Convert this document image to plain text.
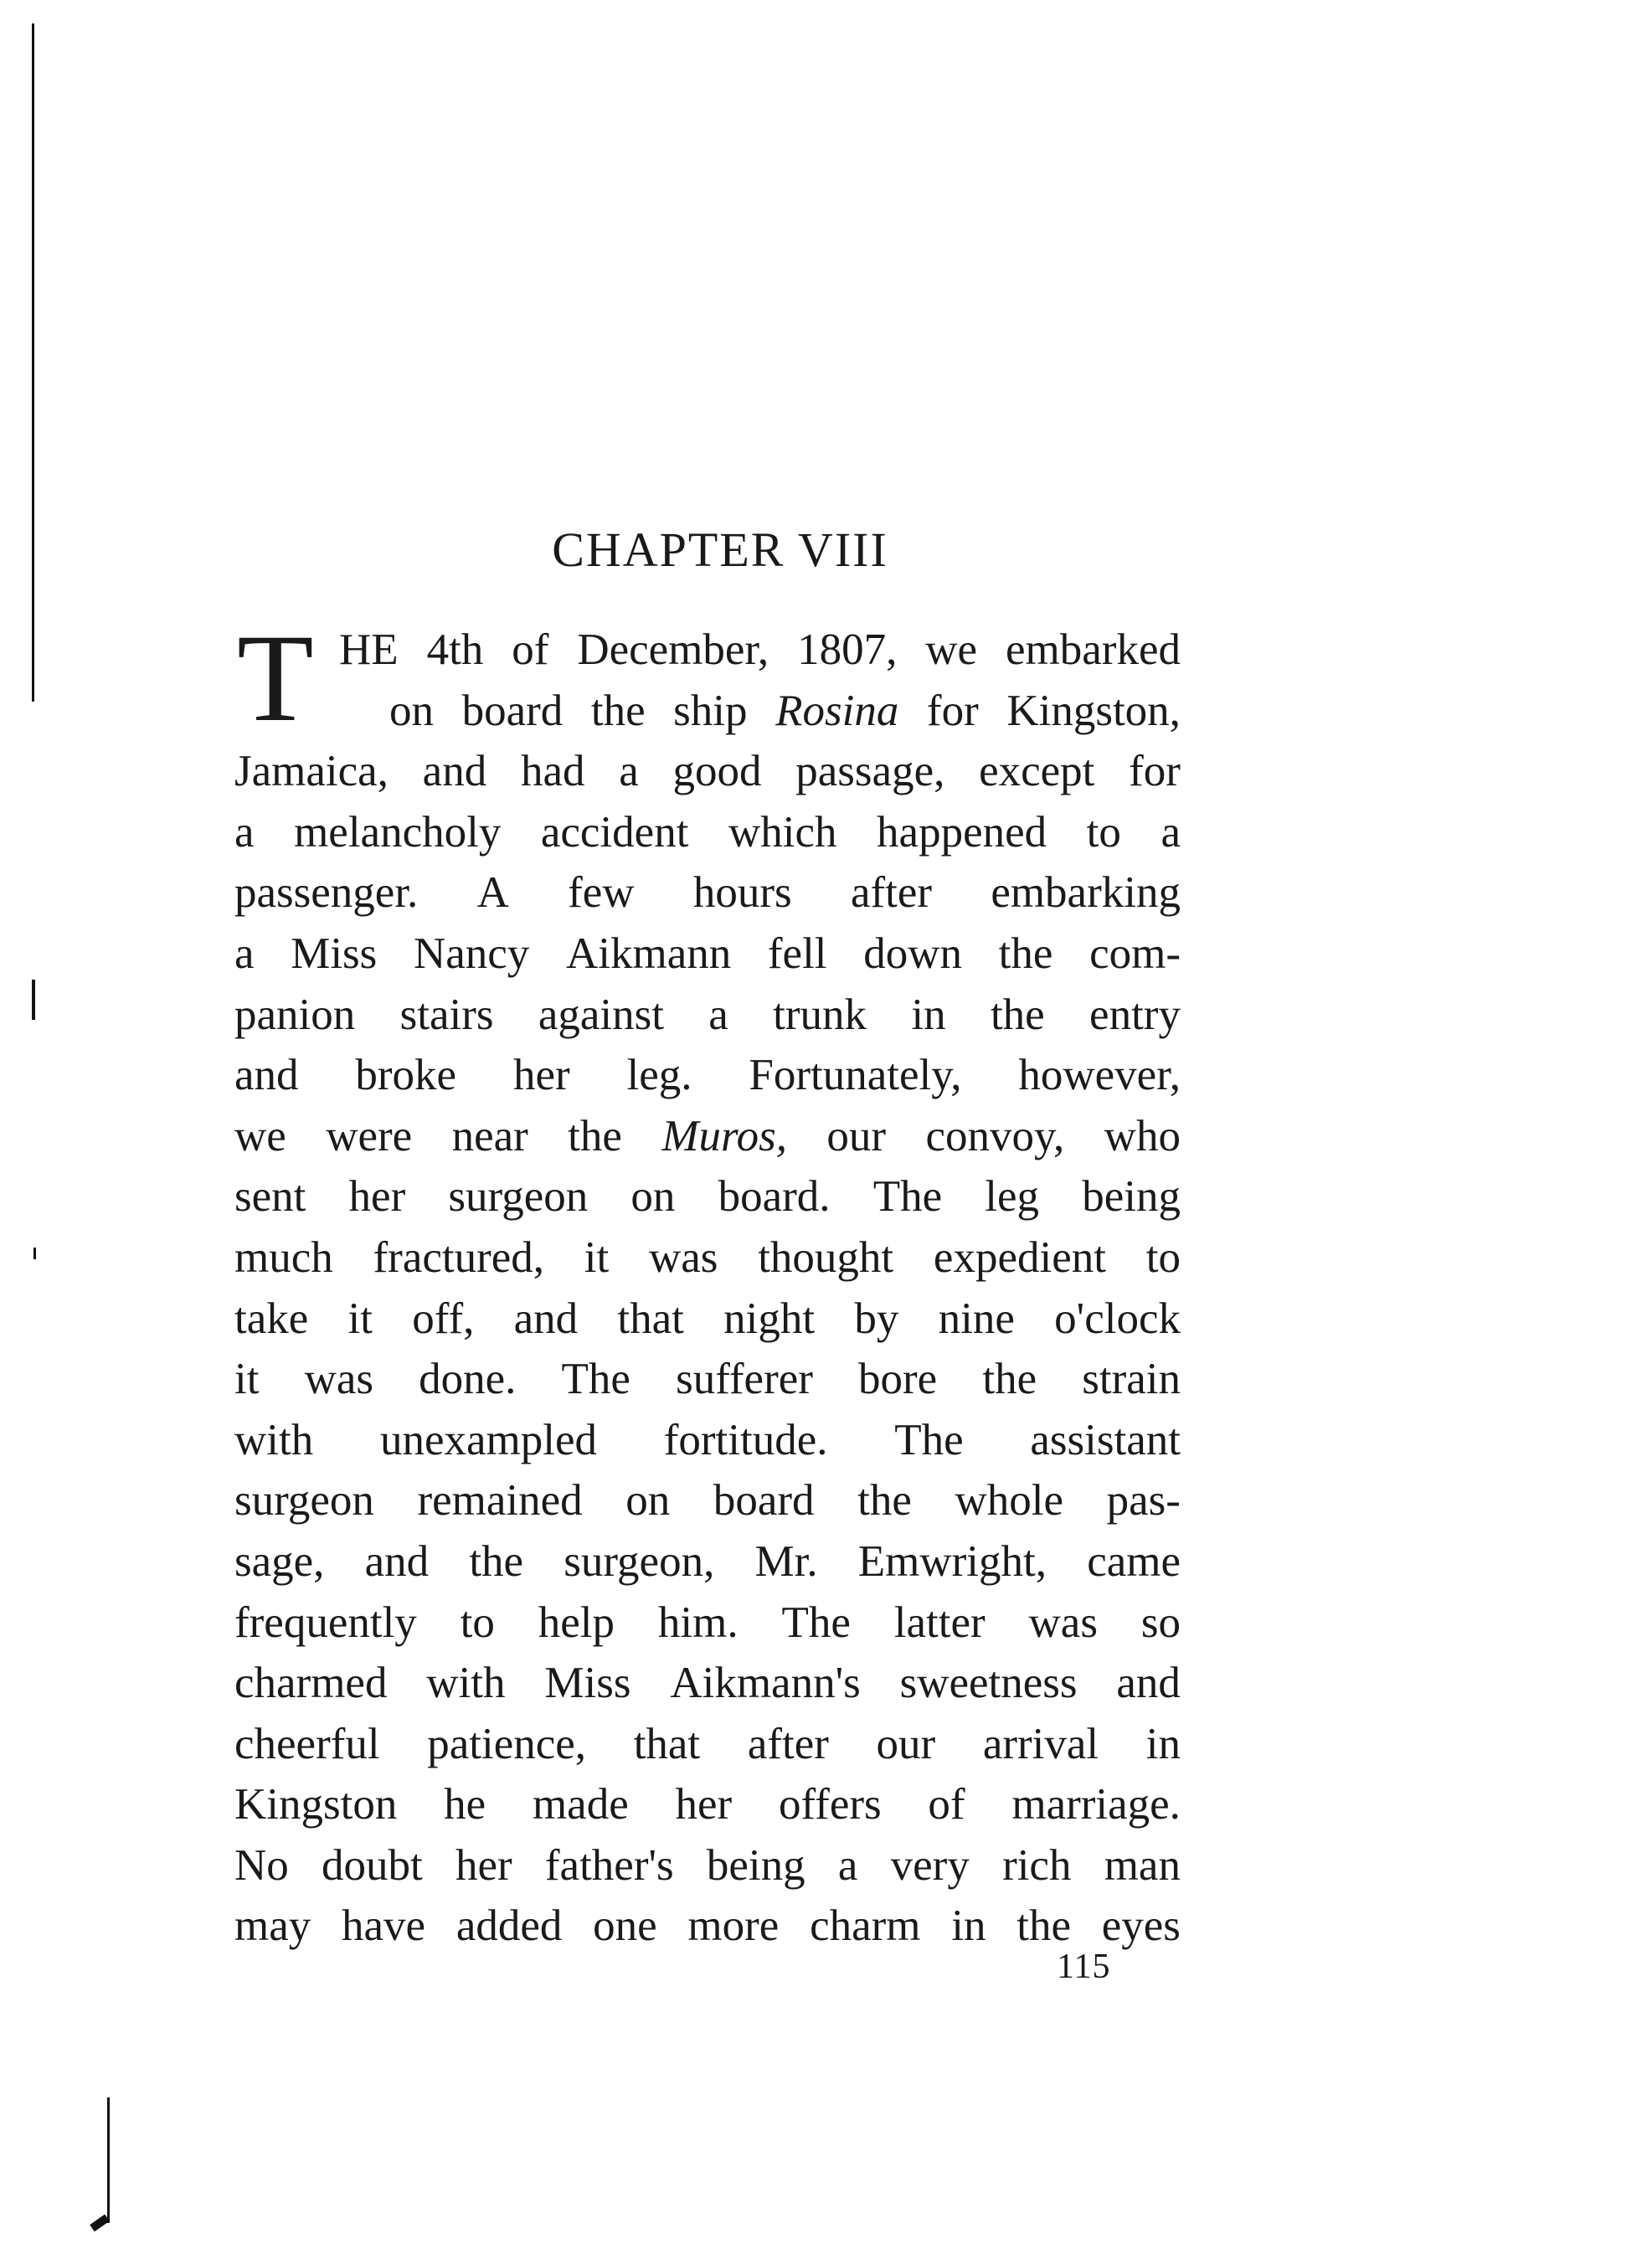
CHAPTER VIII
T HE 4th of December, 1807, we embarked
on board the ship Rosina for Kingston,
Jamaica, and had a good passage, except for
a melancholy accident which happened to a
passenger. A few hours after embarking
a Miss Nancy Aikmann fell down the com-
panion stairs against a trunk in the entry
and broke her leg. Fortunately, however,
we were near the Muros, our convoy, who
sent her surgeon on board. The leg being
much fractured, it was thought expedient to
take it off, and that night by nine o'clock
it was done. The sufferer bore the strain
with unexampled fortitude. The assistant
surgeon remained on board the whole pas-
sage, and the surgeon, Mr. Emwright, came
frequently to help him. The latter was so
charmed with Miss Aikmann's sweetness and
cheerful patience, that after our arrival in
Kingston he made her offers of marriage.
No doubt her father's being a very rich man
may have added one more charm in the eyes
115
